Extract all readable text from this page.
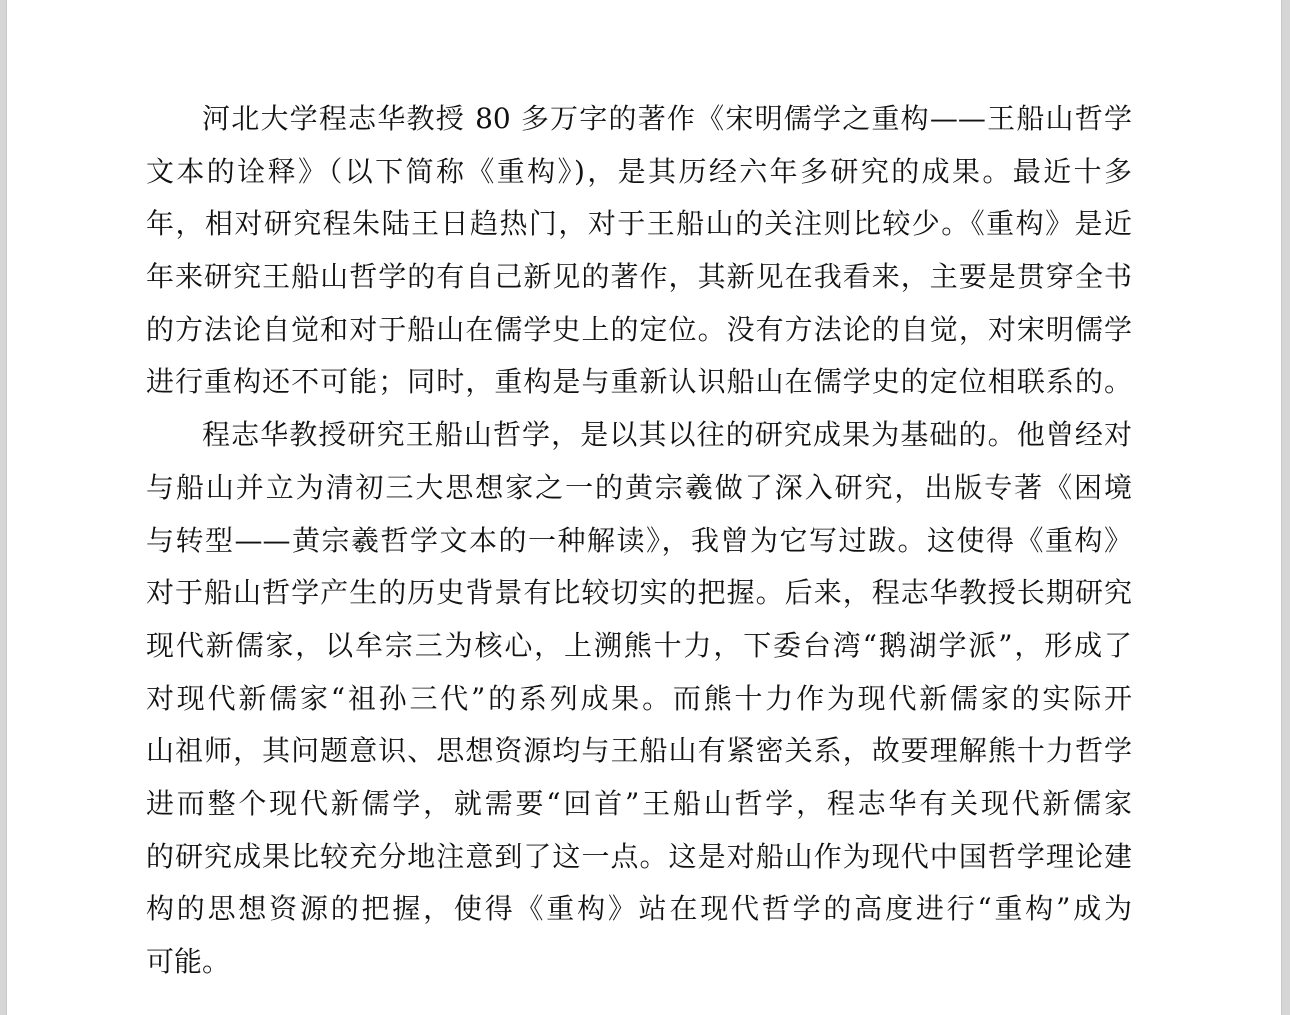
河北大学程志华教授 80 多万字的著作《宋明儒学之重构——王船山哲学
文本的诠释》（以下简称《重构》)，是其历经六年多研究的成果。最近十多
年，相对研究程朱陆王日趋热门，对于王船山的关注则比较少。《重构》是近
年来研究王船山哲学的有自己新见的著作，其新见在我看来，主要是贯穿全书
的方法论自觉和对于船山在儒学史上的定位。没有方法论的自觉，对宋明儒学
进行重构还不可能；同时，重构是与重新认识船山在儒学史的定位相联系的。
程志华教授研究王船山哲学，是以其以往的研究成果为基础的。他曾经对
与船山并立为清初三大思想家之一的黄宗羲做了深入研究，出版专著《困境
与转型——黄宗羲哲学文本的一种解读》，我曾为它写过跋。这使得《重构》
对于船山哲学产生的历史背景有比较切实的把握。后来，程志华教授长期研究
现代新儒家，以牟宗三为核心，上溯熊十力，下委台湾“鹅湖学派”，形成了
对现代新儒家“祖孙三代”的系列成果。而熊十力作为现代新儒家的实际开
山祖师，其问题意识、思想资源均与王船山有紧密关系，故要理解熊十力哲学
进而整个现代新儒学，就需要“回首”王船山哲学，程志华有关现代新儒家
的研究成果比较充分地注意到了这一点。这是对船山作为现代中国哲学理论建
构的思想资源的把握，使得《重构》站在现代哲学的高度进行“重构”成为
可能。
